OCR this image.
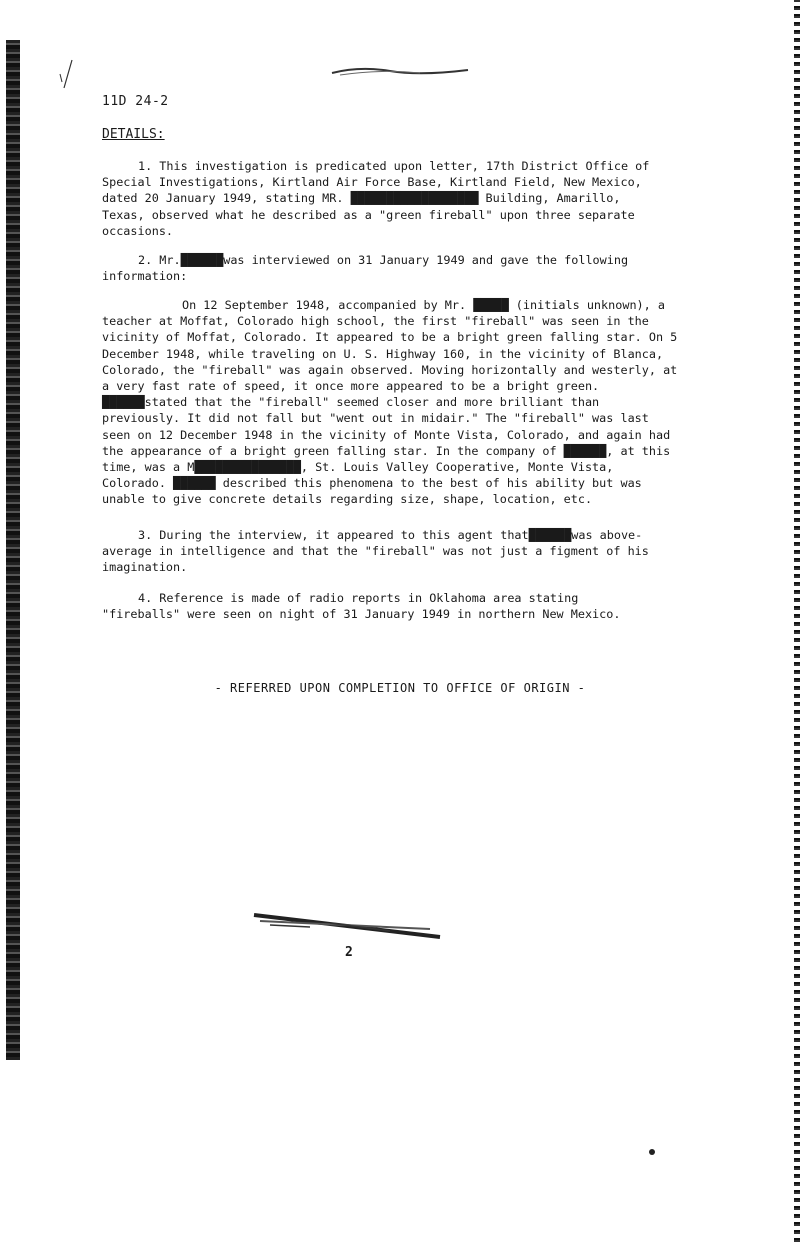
11D 24-2
DETAILS:

1. This investigation is predicated upon letter, 17th District Office of Special Investigations, Kirtland Air Force Base, Kirtland Field, New Mexico, dated 20 January 1949, stating MR. ██████████████████ Building, Amarillo, Texas, observed what he described as a "green fireball" upon three separate occasions.

2. Mr.██████was interviewed on 31 January 1949 and gave the following information:

On 12 September 1948, accompanied by Mr. █████ (initials unknown), a teacher at Moffat, Colorado high school, the first "fireball" was seen in the vicinity of Moffat, Colorado. It appeared to be a bright green falling star. On 5 December 1948, while traveling on U. S. Highway 160, in the vicinity of Blanca, Colorado, the "fireball" was again observed. Moving horizontally and westerly, at a very fast rate of speed, it once more appeared to be a bright green. ██████stated that the "fireball" seemed closer and more brilliant than previously. It did not fall but "went out in midair." The "fireball" was last seen on 12 December 1948 in the vicinity of Monte Vista, Colorado, and again had the appearance of a bright green falling star. In the company of ██████, at this time, was a M███████████████, St. Louis Valley Cooperative, Monte Vista, Colorado. ██████ described this phenomena to the best of his ability but was unable to give concrete details regarding size, shape, location, etc.

3. During the interview, it appeared to this agent that██████was above-average in intelligence and that the "fireball" was not just a figment of his imagination.

4. Reference is made of radio reports in Oklahoma area stating "fireballs" were seen on night of 31 January 1949 in northern New Mexico.

- REFERRED UPON COMPLETION TO OFFICE OF ORIGIN -
2
